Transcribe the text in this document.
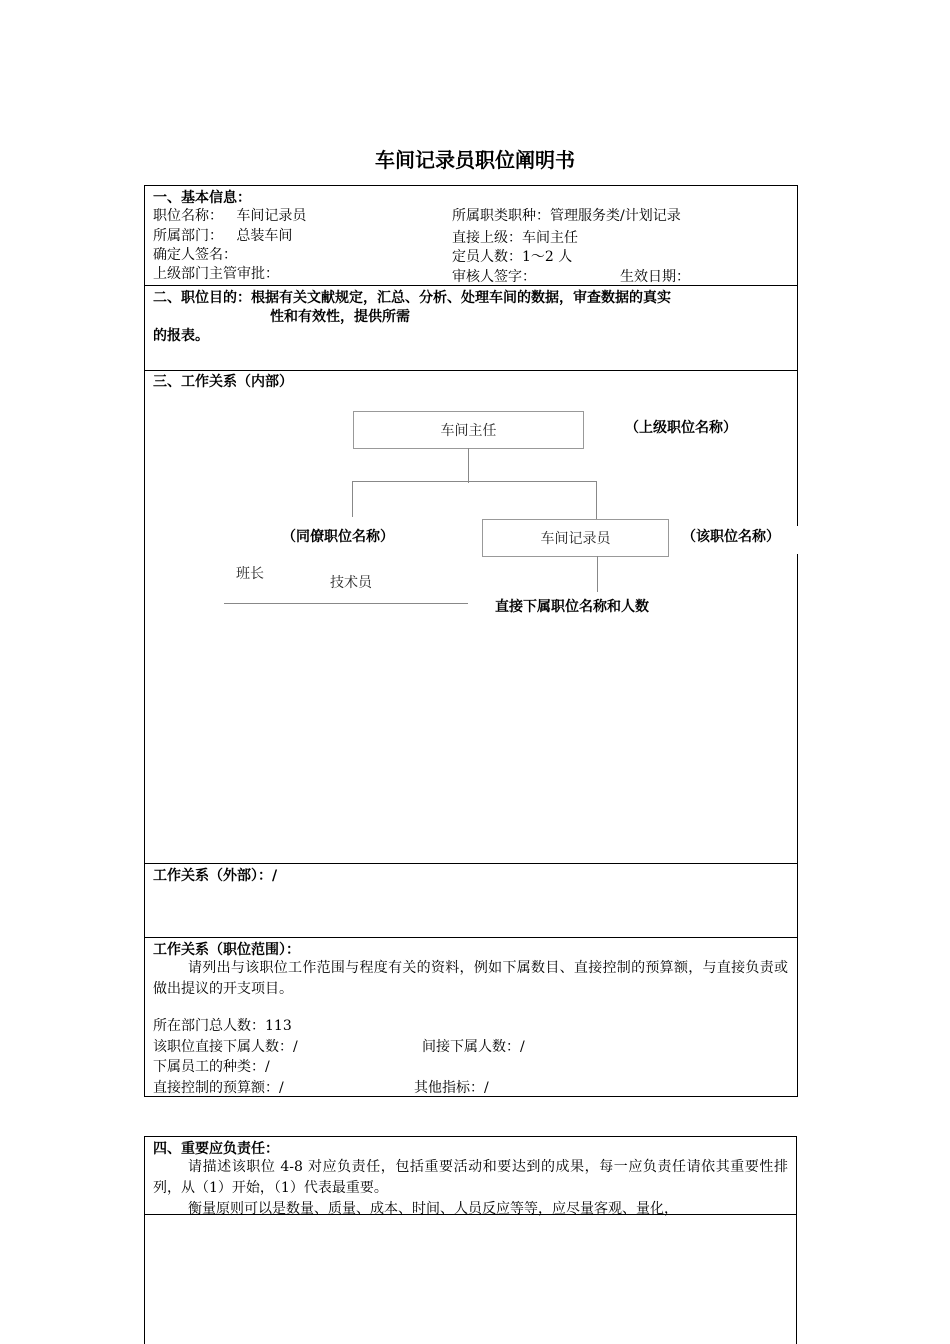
车间记录员职位阐明书
一、基本信息：
职位名称：   车间记录员
所属部门：   总装车间
确定人签名：
上级部门主管审批：
所属职类职种：管理服务类/计划记录
直接上级：车间主任
定员人数：1～2 人
审核人签字：	生效日期：
二、职位目的：根据有关文献规定，汇总、分析、处理车间的数据，审查数据的真实
性和有效性，提供所需
的报表。
三、工作关系（内部）
车间主任	（上级职位名称）
（同僚职位名称）	车间记录员	（该职位名称）
班长
技术员
直接下属职位名称和人数
工作关系（外部）：/
工作关系（职位范围）：
请列出与该职位工作范围与程度有关的资料，例如下属数目、直接控制的预算额，与直接负责或做出提议的开支项目。
所在部门总人数：113
该职位直接下属人数：/	间接下属人数：/
下属员工的种类：/
直接控制的预算额：/	其他指标：/
四、重要应负责任：
请描述该职位 4-8 对应负责任，包括重要活动和要达到的成果，每一应负责任请依其重要性排列，从（1）开始，（1）代表最重要。
衡量原则可以是数量、质量、成本、时间、人员反应等等，应尽量客观、量化，
